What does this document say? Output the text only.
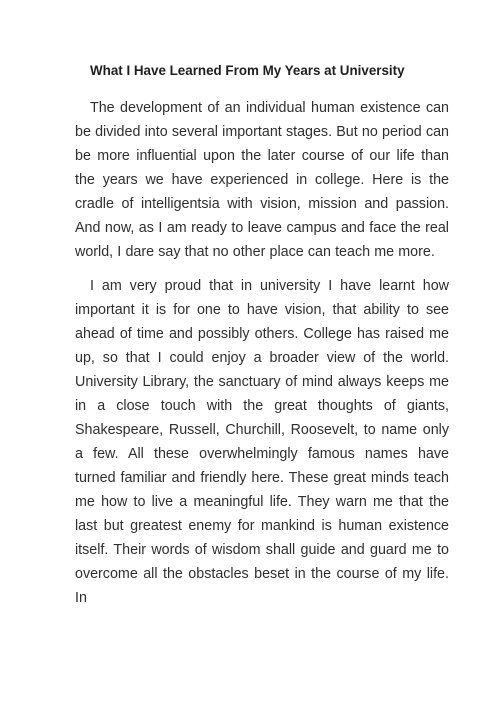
What I Have Learned From My Years at University

The development of an individual human existence can be divided into several important stages. But no period can be more influential upon the later course of our life than the years we have experienced in college. Here is the cradle of intelligentsia with vision, mission and passion. And now, as I am ready to leave campus and face the real world, I dare say that no other place can teach me more.

I am very proud that in university I have learnt how important it is for one to have vision, that ability to see ahead of time and possibly others. College has raised me up, so that I could enjoy a broader view of the world. University Library, the sanctuary of mind always keeps me in a close touch with the great thoughts of giants, Shakespeare, Russell, Churchill, Roosevelt, to name only a few. All these overwhelmingly famous names have turned familiar and friendly here. These great minds teach me how to live a meaningful life. They warn me that the last but greatest enemy for mankind is human existence itself. Their words of wisdom shall guide and guard me to overcome all the obstacles beset in the course of my life. In
